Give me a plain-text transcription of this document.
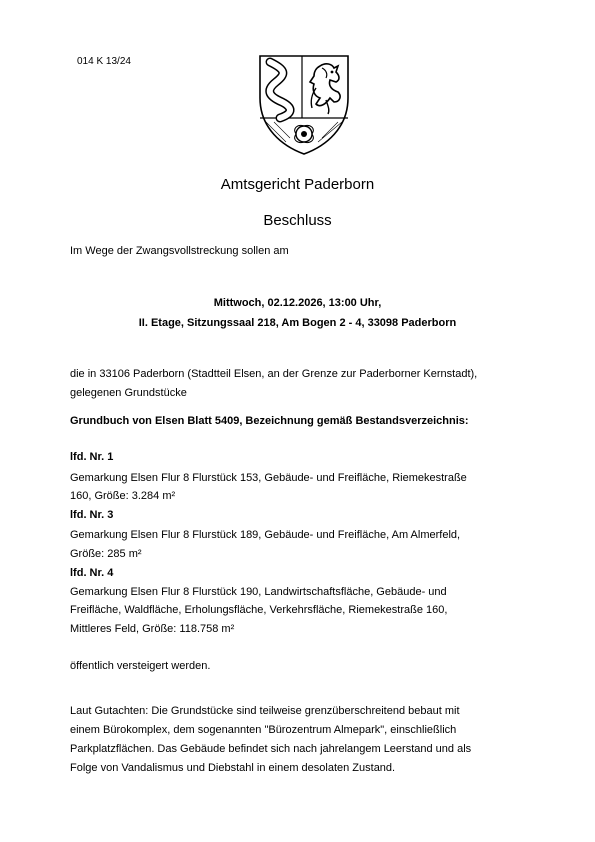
014 K 13/24
Amtsgericht Paderborn
Beschluss
Im Wege der Zwangsvollstreckung sollen am
Mittwoch, 02.12.2026, 13:00 Uhr,
II. Etage, Sitzungssaal 218, Am Bogen 2 - 4, 33098 Paderborn
die in 33106 Paderborn (Stadtteil Elsen, an der Grenze zur Paderborner Kernstadt),
gelegenen Grundstücke
Grundbuch von Elsen Blatt 5409, Bezeichnung gemäß Bestandsverzeichnis:
lfd. Nr. 1
Gemarkung Elsen Flur 8 Flurstück 153, Gebäude- und Freifläche, Riemekestraße
160, Größe: 3.284 m²
lfd. Nr. 3
Gemarkung Elsen Flur 8 Flurstück 189, Gebäude- und Freifläche, Am Almerfeld,
Größe: 285 m²
lfd. Nr. 4
Gemarkung Elsen Flur 8 Flurstück 190, Landwirtschaftsfläche, Gebäude- und
Freifläche, Waldfläche, Erholungsfläche, Verkehrsfläche, Riemekestraße 160,
Mittleres Feld, Größe: 118.758 m²
öffentlich versteigert werden.
Laut Gutachten: Die Grundstücke sind teilweise grenzüberschreitend bebaut mit
einem Bürokomplex, dem sogenannten "Bürozentrum Almepark", einschließlich
Parkplatzflächen. Das Gebäude befindet sich nach jahrelangem Leerstand und als
Folge von Vandalismus und Diebstahl in einem desolaten Zustand.
